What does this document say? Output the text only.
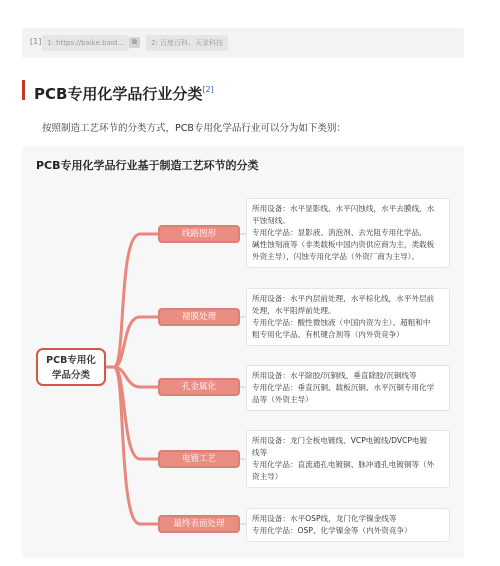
[1] 1: https://baike.baid...	⧉	2: 百度百科、天录科技
PCB专用化学品行业分类[2]
按照制造工艺环节的分类方式，PCB专用化学品行业可以分为如下类别：
PCB专用化学品行业基于制造工艺环节的分类
PCB专用化
学品分类
线路图形
所用设备：水平显影线、水平闪蚀线，水平去膜线，水
平蚀刻线。
专用化学品：显影液、消泡剂、去光阻专用化学品、
碱性蚀刻液等（非类载板中国内资供应商为主，类载板
外资主导），闪蚀专用化学品（外资厂商为主导）。
褪膜处理
所用设备：水平内层前处理，水平棕化线，水平外层前
处理，水平阻焊前处理。
专用化学品：酸性微蚀液（中国内资为主）、超粗和中
粗专用化学品、有机键合剂等（内外资竞争）
孔金属化
所用设备：水平除胶/沉铜线、垂直除胶/沉铜线等
专用化学品：垂直沉铜、载板沉铜、水平沉铜专用化学
品等（外资主导）
电镀工艺
所用设备：龙门全板电镀线、VCP电镀线/DVCP电镀
线等
专用化学品：直流通孔电镀铜、脉冲通孔电镀铜等（外
资主导）
最终表面处理
所用设备：水平OSP线，龙门化学镍金线等
专用化学品：OSP、化学镍金等（内外资竞争）
